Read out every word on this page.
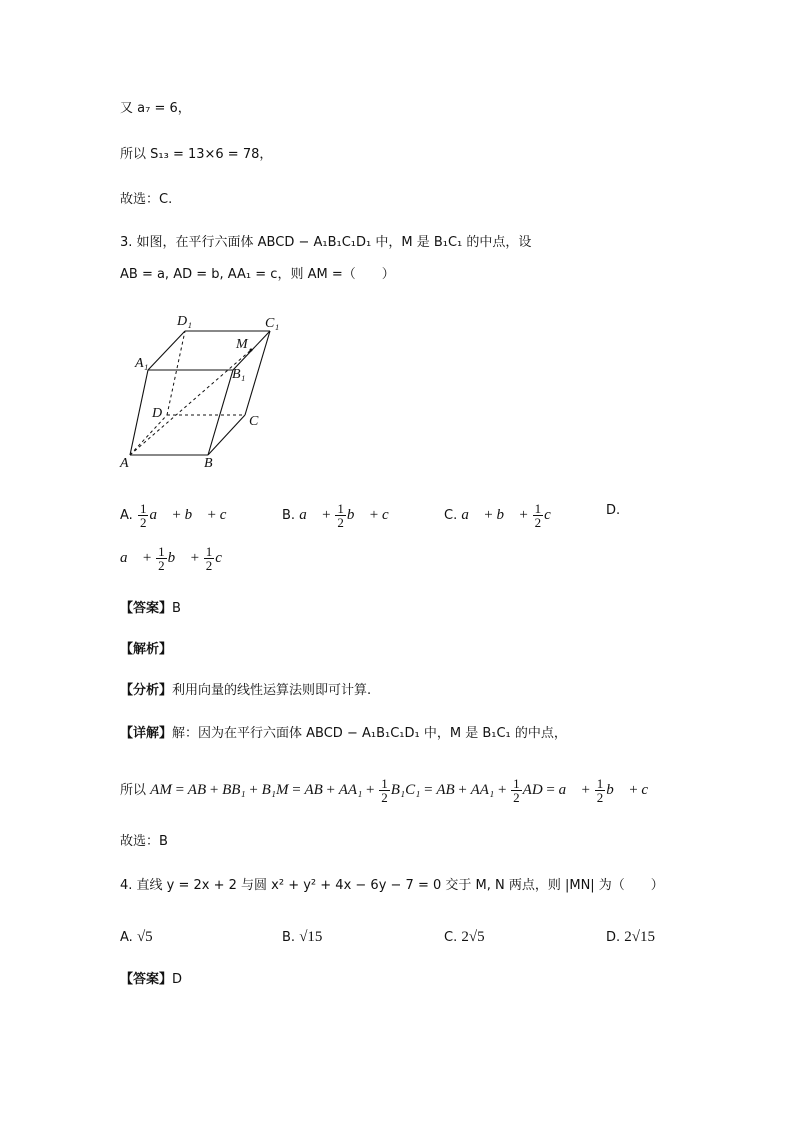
又 a₇ = 6，
所以 S₁₃ = 13×6 = 78，
故选：C.
3. 如图，在平行六面体 ABCD − A₁B₁C₁D₁ 中，M 是 B₁C₁ 的中点，设
AB = a, AD = b, AA₁ = c，则 AM =（　　）
D₁	C₁
M
A₁
B₁
D
C
A	B
A. $\frac{1}{2}$ a⃗ + b⃗ + c⃗	B. a⃗ + $\frac{1}{2}$ b⃗ + c⃗	C. a⃗ + b⃗ + $\frac{1}{2}$ c⃗	D.
a⃗ + $\frac{1}{2}$ b⃗ + $\frac{1}{2}$ c⃗
【答案】B
【解析】
【分析】利用向量的线性运算法则即可计算.
【详解】解：因为在平行六面体 ABCD − A₁B₁C₁D₁ 中，M 是 B₁C₁ 的中点，
所以 AM = AB + BB₁ + B₁M = AB + $AA_1 + \frac{1}{2} B_1C_1$ = AB + $AA_1 + \frac{1}{2}$ AD = a⃗ + $\frac{1}{2}$ b⃗ + c⃗
故选：B
4. 直线 y = 2x + 2 与圆 x² + y² + 4x − 6y − 7 = 0 交于 M, N 两点，则 |MN| 为（　　）
A. √5	B. √15	C. 2√5	D. 2√15
【答案】D
